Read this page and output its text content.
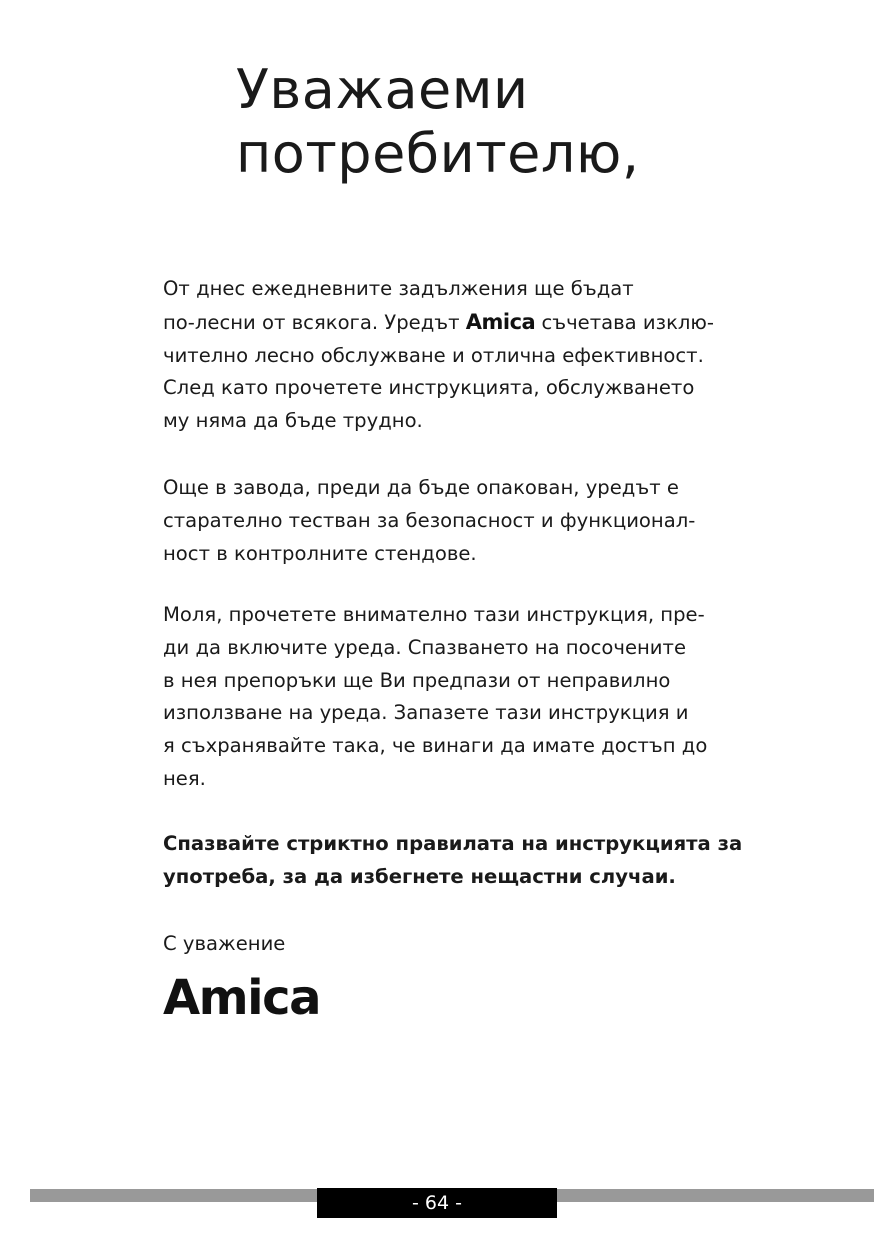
Уважаеми
потребителю,

От днес ежедневните задължения ще бъдат
по-лесни от всякога. Уредът Amica съчетава изклю-
чително лесно обслужване и отлична ефективност.
След като прочетете инструкцията, обслужването
му няма да бъде трудно.

Още в завода, преди да бъде опакован, уредът е
старателно тестван за безопасност и функционал-
ност в контролните стендове.

Моля, прочетете внимателно тази инструкция, пре-
ди да включите уреда. Спазването на посочените
в нея препоръки ще Ви предпази от неправилно
използване на уреда. Запазете тази инструкция и
я съхранявайте така, че винаги да имате достъп до
нея.

Спазвайте стриктно правилата на инструкцията за
употреба, за да избегнете нещастни случаи.

С уважение

Amica
- 64 -
